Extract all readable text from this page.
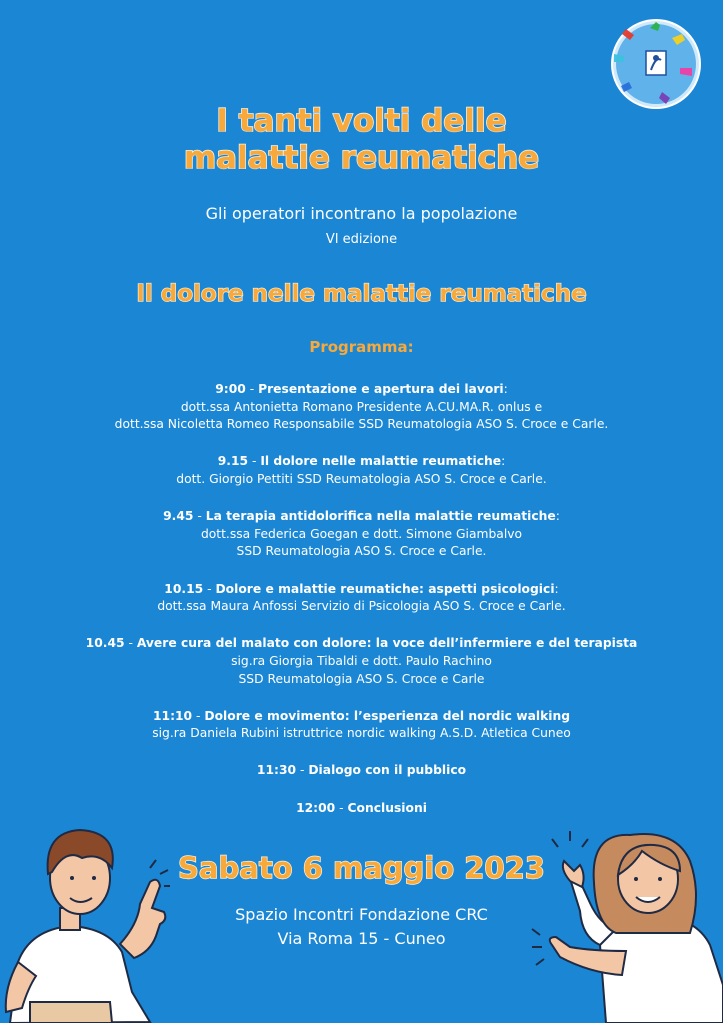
I tanti volti delle
malattie reumatiche
Gli operatori incontrano la popolazione
VI edizione
Il dolore nelle malattie reumatiche
Programma:
9:00 - Presentazione e apertura dei lavori:
dott.ssa Antonietta Romano Presidente A.CU.MA.R. onlus e
dott.ssa Nicoletta Romeo Responsabile SSD Reumatologia ASO S. Croce e Carle.
9.15 - Il dolore nelle malattie reumatiche:
dott. Giorgio Pettiti SSD Reumatologia ASO S. Croce e Carle.
9.45 - La terapia antidolorifica nella malattie reumatiche:
dott.ssa Federica Goegan e dott. Simone Giambalvo
SSD Reumatologia ASO S. Croce e Carle.
10.15 - Dolore e malattie reumatiche: aspetti psicologici:
dott.ssa Maura Anfossi Servizio di Psicologia ASO S. Croce e Carle.
10.45 - Avere cura del malato con dolore: la voce dell’infermiere e del terapista
sig.ra Giorgia Tibaldi e dott. Paulo Rachino
SSD Reumatologia ASO S. Croce e Carle
11:10 - Dolore e movimento: l’esperienza del nordic walking
sig.ra Daniela Rubini istruttrice nordic walking A.S.D. Atletica Cuneo
11:30 - Dialogo con il pubblico
12:00 - Conclusioni
Sabato 6 maggio 2023
Spazio Incontri Fondazione CRC
Via Roma 15 - Cuneo
